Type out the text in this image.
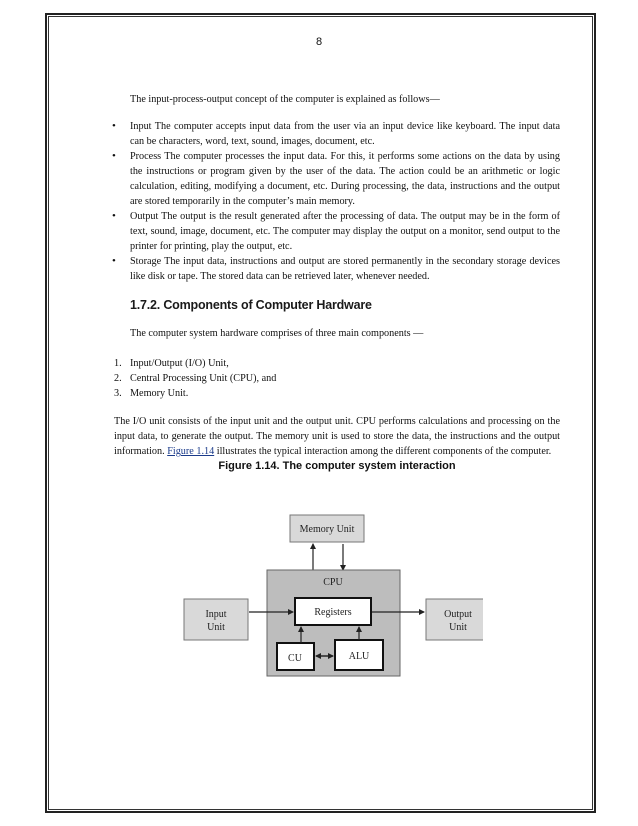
8

The input-process-output concept of the computer is explained as follows—

• Input The computer accepts input data from the user via an input device like keyboard. The input data can be characters, word, text, sound, images, document, etc.
• Process The computer processes the input data. For this, it performs some actions on the data by using the instructions or program given by the user of the data. The action could be an arithmetic or logic calculation, editing, modifying a document, etc. During processing, the data, instructions and the output are stored temporarily in the computer’s main memory.
• Output The output is the result generated after the processing of data. The output may be in the form of text, sound, image, document, etc. The computer may display the output on a monitor, send output to the printer for printing, play the output, etc.
• Storage The input data, instructions and output are stored permanently in the secondary storage devices like disk or tape. The stored data can be retrieved later, whenever needed.
1.7.2. Components of Computer Hardware

The computer system hardware comprises of three main components —

1. Input/Output (I/O) Unit,
2. Central Processing Unit (CPU), and
3. Memory Unit.

The I/O unit consists of the input unit and the output unit. CPU performs calculations and processing on the input data, to generate the output. The memory unit is used to store the data, the instructions and the output information. Figure 1.14 illustrates the typical interaction among the different components of the computer.

Figure 1.14. The computer system interaction

Memory Unit
CPU
Registers
CU	ALU
Input
Unit
Output
Unit
